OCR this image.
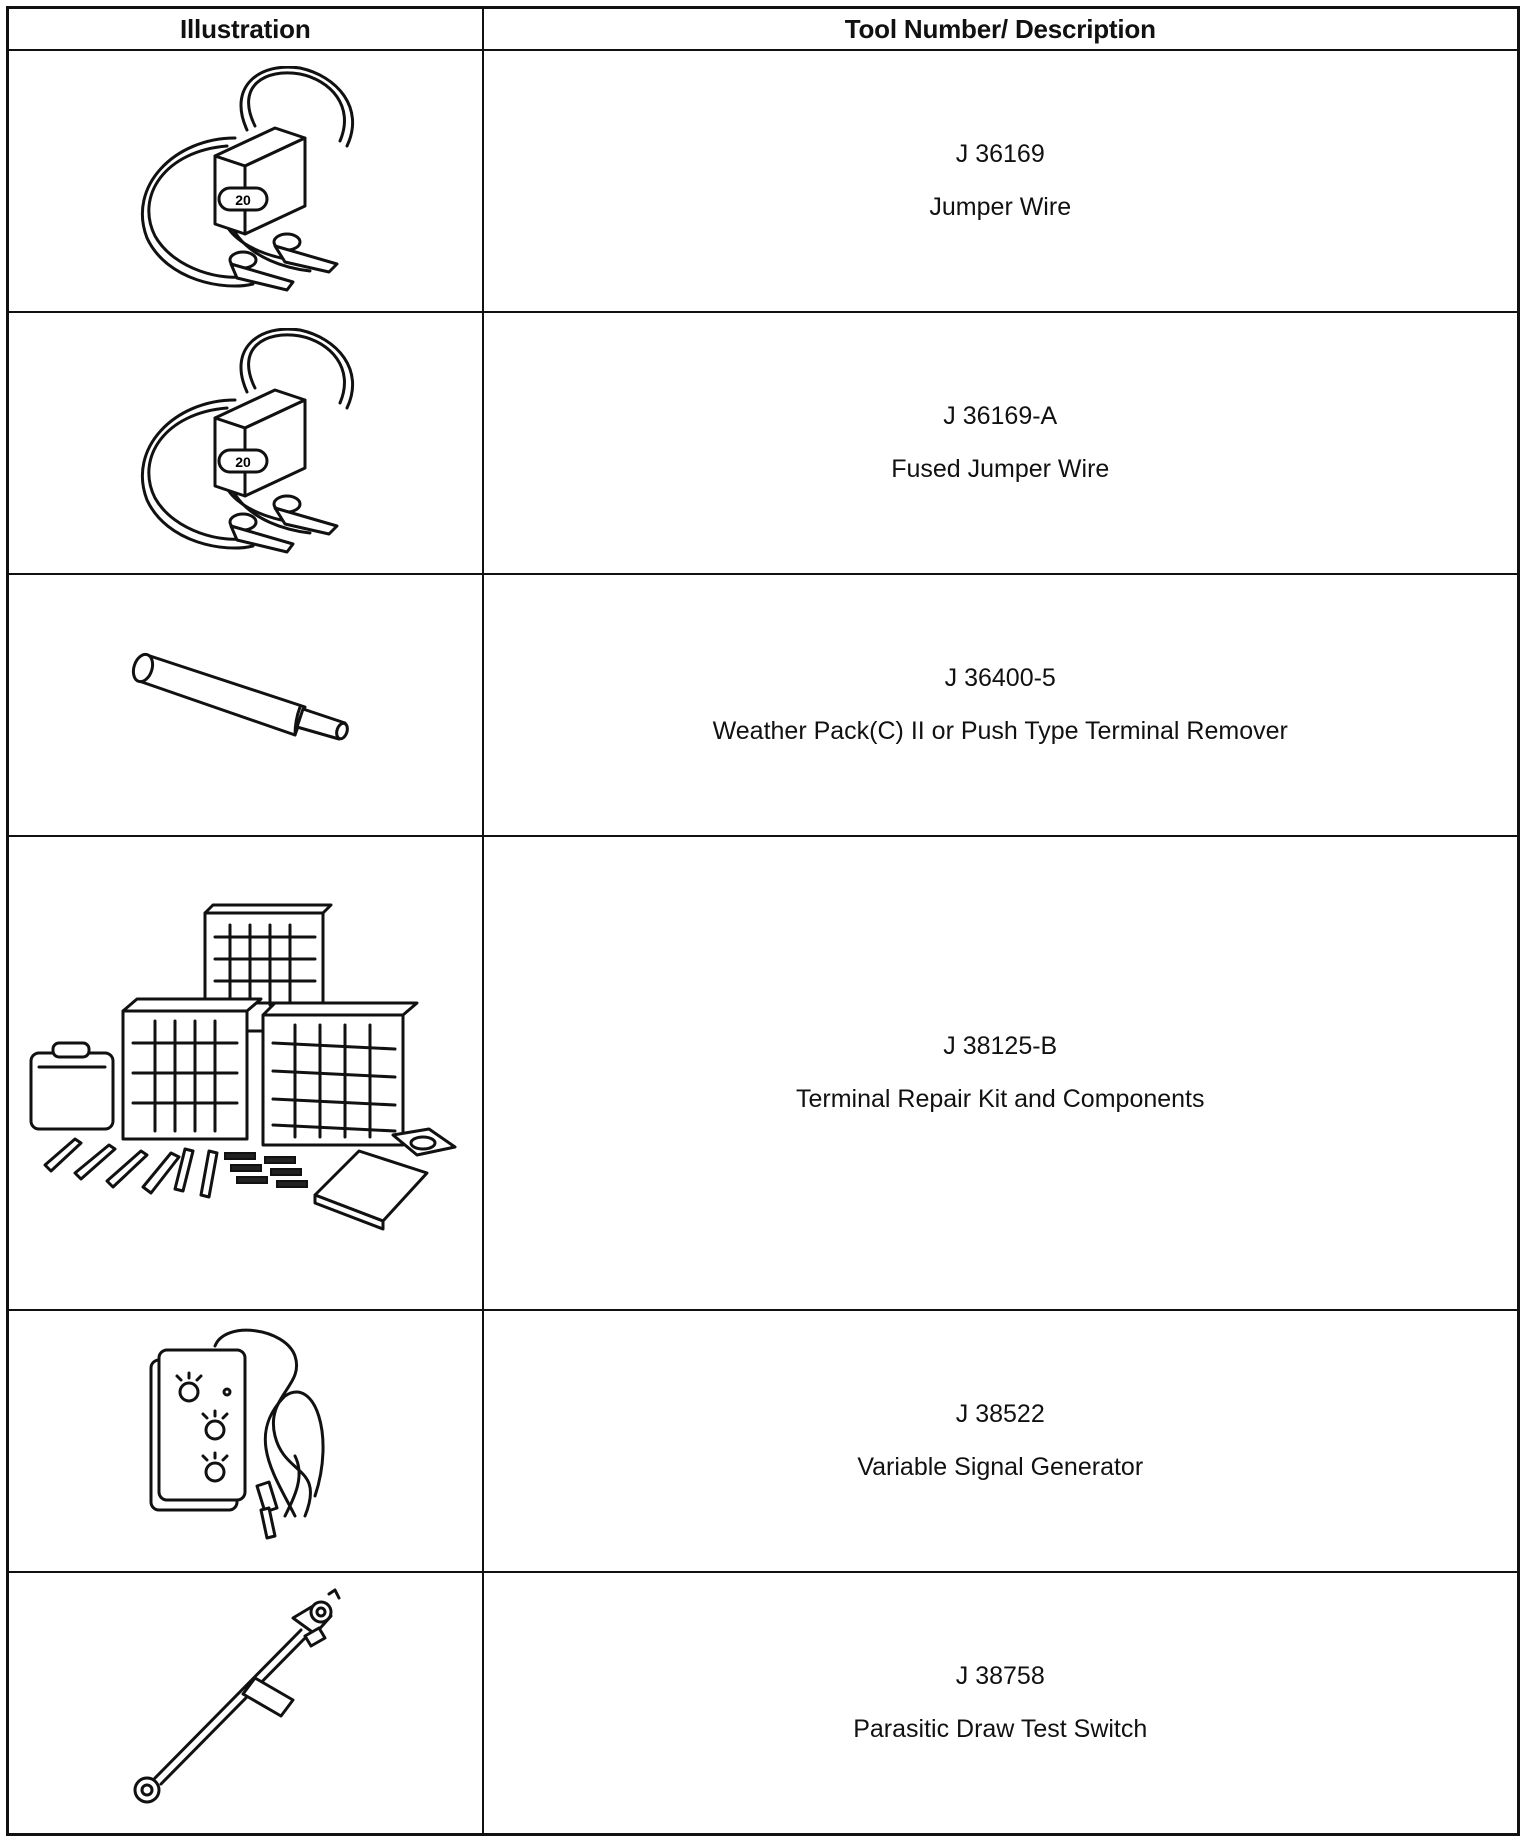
Illustration	Tool Number/ Description

20	J 36169
Jumper Wire

20	J 36169-A
Fused Jumper Wire

J 36400-5
Weather Pack(C) II or Push Type Terminal Remover

J 38125-B
Terminal Repair Kit and Components

J 38522
Variable Signal Generator

J 38758
Parasitic Draw Test Switch
